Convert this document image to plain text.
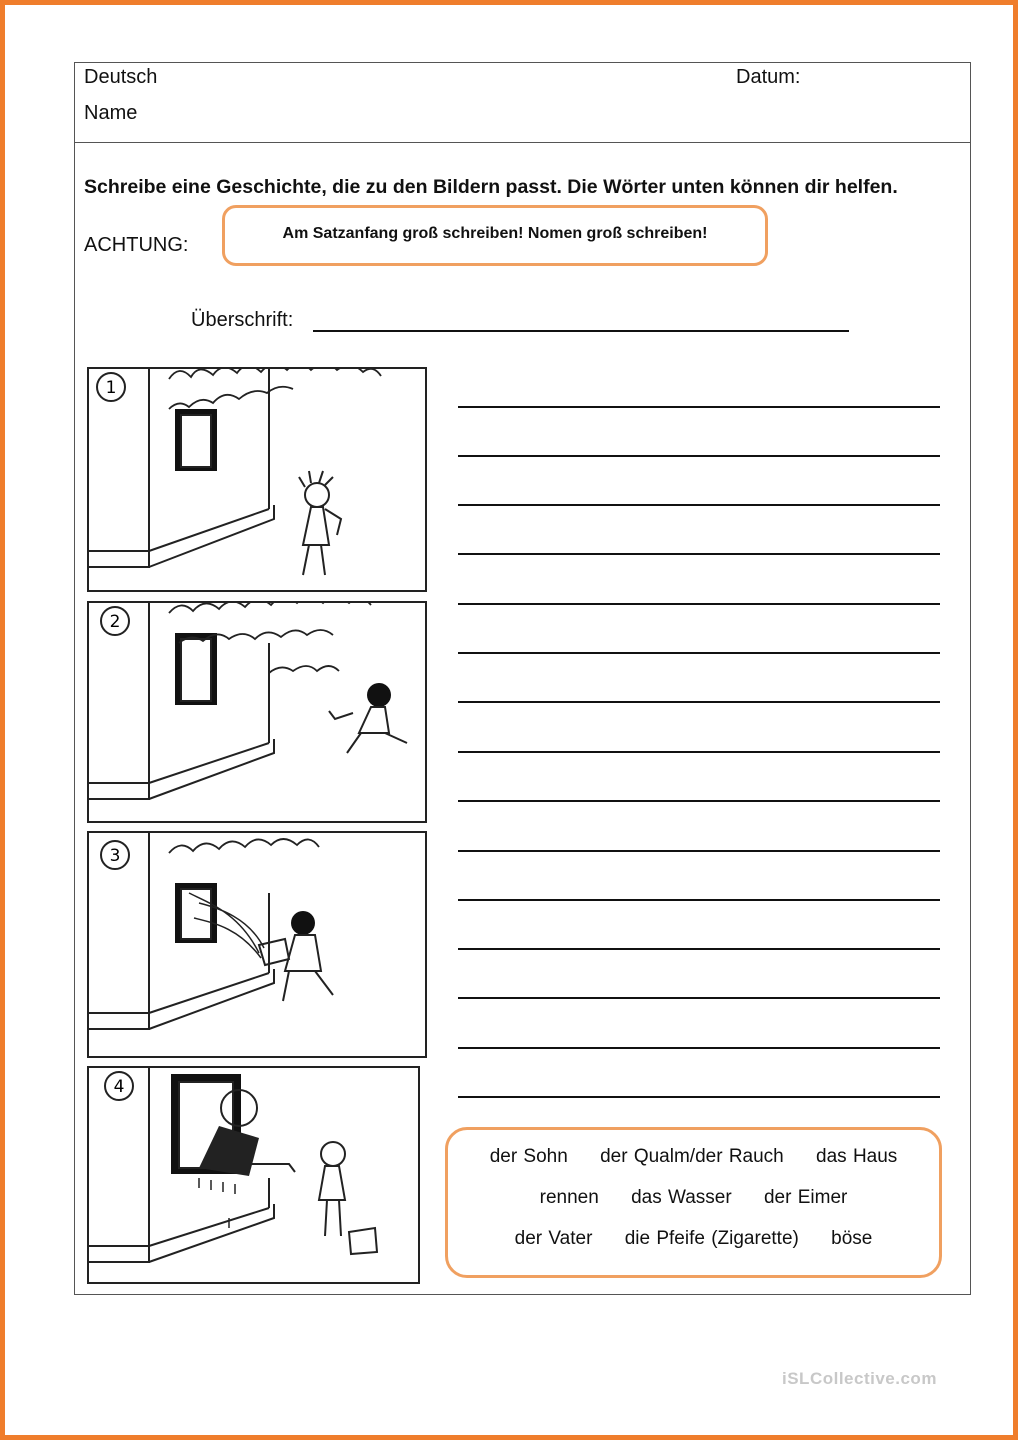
Deutsch
Name
Datum:
Schreibe eine Geschichte, die zu den Bildern passt. Die Wörter unten können dir helfen.
ACHTUNG:
Am Satzanfang groß schreiben! Nomen groß schreiben!
Überschrift:
1
2
3
4
der Sohn der Qualm/der Rauch das Haus
rennen das Wasser der Eimer
der Vater die Pfeife (Zigarette) böse
iSLCollective.com
